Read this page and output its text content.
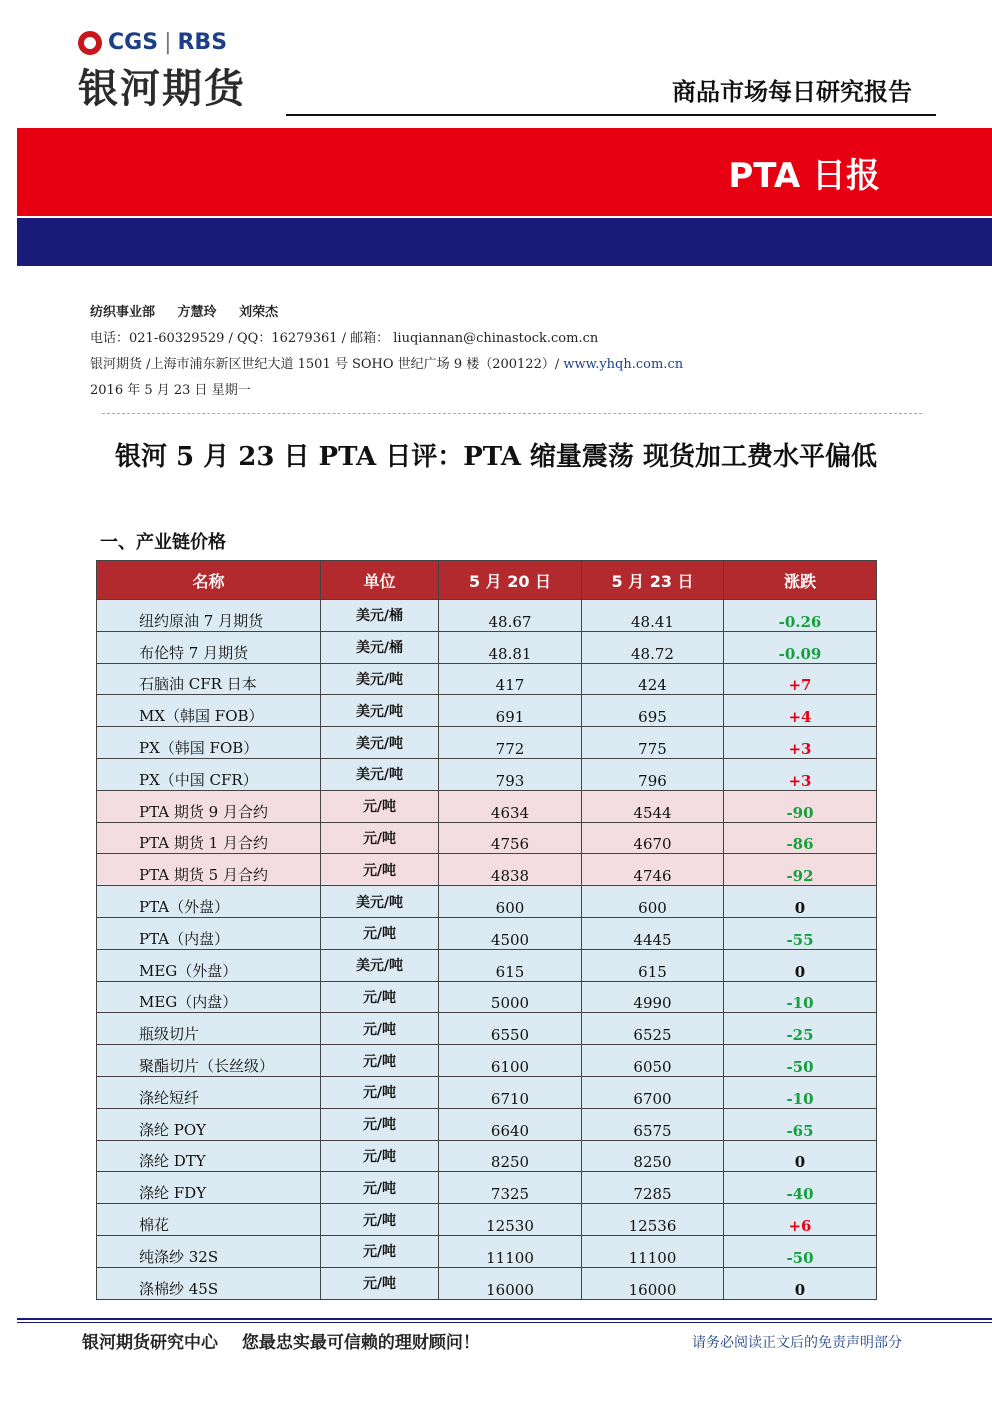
CGS | RBS
银河期货	商品市场每日研究报告
PTA 日报
纺织事业部 方慧玲 刘荣杰
电话：021-60329529 / QQ：16279361 / 邮箱： liuqiannan@chinastock.com.cn
银河期货 /上海市浦东新区世纪大道 1501 号 SOHO 世纪广场 9 楼（200122）/ www.yhqh.com.cn
2016 年 5 月 23 日 星期一
银河 5 月 23 日 PTA 日评：PTA 缩量震荡 现货加工费水平偏低
一、产业链价格
名称	单位	5 月 20 日	5 月 23 日	涨跌
纽约原油 7 月期货	美元/桶	48.67	48.41	-0.26
布伦特 7 月期货	美元/桶	48.81	48.72	-0.09
石脑油 CFR 日本	美元/吨	417	424	+7
MX（韩国 FOB）	美元/吨	691	695	+4
PX（韩国 FOB）	美元/吨	772	775	+3
PX（中国 CFR）	美元/吨	793	796	+3
PTA 期货 9 月合约	元/吨	4634	4544	-90
PTA 期货 1 月合约	元/吨	4756	4670	-86
PTA 期货 5 月合约	元/吨	4838	4746	-92
PTA（外盘）	美元/吨	600	600	0
PTA（内盘）	元/吨	4500	4445	-55
MEG（外盘）	美元/吨	615	615	0
MEG（内盘）	元/吨	5000	4990	-10
瓶级切片	元/吨	6550	6525	-25
聚酯切片（长丝级）	元/吨	6100	6050	-50
涤纶短纤	元/吨	6710	6700	-10
涤纶 POY	元/吨	6640	6575	-65
涤纶 DTY	元/吨	8250	8250	0
涤纶 FDY	元/吨	7325	7285	-40
棉花	元/吨	12530	12536	+6
纯涤纱 32S	元/吨	11100	11100	-50
涤棉纱 45S	元/吨	16000	16000	0
银河期货研究中心 您最忠实最可信赖的理财顾问！	请务必阅读正文后的免责声明部分
